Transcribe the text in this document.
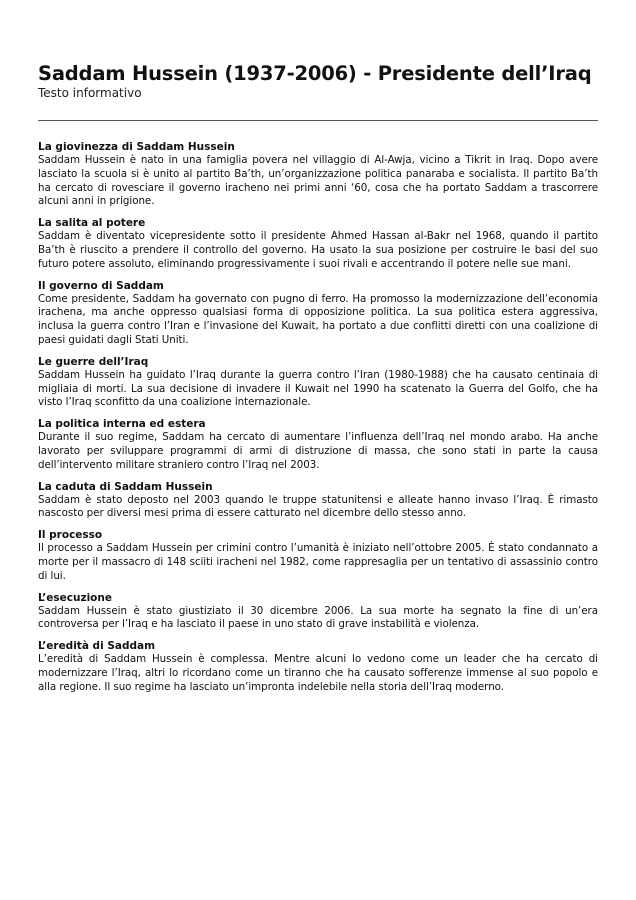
Saddam Hussein (1937-2006) - Presidente dell’Iraq

Testo informativo

La giovinezza di Saddam Hussein

Saddam Hussein è nato in una famiglia povera nel villaggio di Al-Awja, vicino a Tikrit in Iraq. Dopo avere lasciato la scuola si è unito al partito Ba’th, un’organizzazione politica panaraba e socialista. Il partito Ba’th ha cercato di rovesciare il governo iracheno nei primi anni ‘60, cosa che ha portato Saddam a trascorrere alcuni anni in prigione.

La salita al potere

Saddam è diventato vicepresidente sotto il presidente Ahmed Hassan al-Bakr nel 1968, quando il partito Ba’th è riuscito a prendere il controllo del governo. Ha usato la sua posizione per costruire le basi del suo futuro potere assoluto, eliminando progressivamente i suoi rivali e accentrando il potere nelle sue mani.

Il governo di Saddam

Come presidente, Saddam ha governato con pugno di ferro. Ha promosso la modernizzazione dell’economia irachena, ma anche oppresso qualsiasi forma di opposizione politica. La sua politica estera aggressiva, inclusa la guerra contro l’Iran e l’invasione del Kuwait, ha portato a due conflitti diretti con una coalizione di paesi guidati dagli Stati Uniti.

Le guerre dell’Iraq

Saddam Hussein ha guidato l’Iraq durante la guerra contro l’Iran (1980-1988) che ha causato centinaia di migliaia di morti. La sua decisione di invadere il Kuwait nel 1990 ha scatenato la Guerra del Golfo, che ha visto l’Iraq sconfitto da una coalizione internazionale.

La politica interna ed estera

Durante il suo regime, Saddam ha cercato di aumentare l’influenza dell’Iraq nel mondo arabo. Ha anche lavorato per sviluppare programmi di armi di distruzione di massa, che sono stati in parte la causa dell’intervento militare straniero contro l’Iraq nel 2003.

La caduta di Saddam Hussein

Saddam è stato deposto nel 2003 quando le truppe statunitensi e alleate hanno invaso l’Iraq. È rimasto nascosto per diversi mesi prima di essere catturato nel dicembre dello stesso anno.

Il processo

Il processo a Saddam Hussein per crimini contro l’umanità è iniziato nell’ottobre 2005. È stato condannato a morte per il massacro di 148 sciiti iracheni nel 1982, come rappresaglia per un tentativo di assassinio contro di lui.

L’esecuzione

Saddam Hussein è stato giustiziato il 30 dicembre 2006. La sua morte ha segnato la fine di un’era controversa per l’Iraq e ha lasciato il paese in uno stato di grave instabilità e violenza.

L’eredità di Saddam

L’eredità di Saddam Hussein è complessa. Mentre alcuni lo vedono come un leader che ha cercato di modernizzare l’Iraq, altri lo ricordano come un tiranno che ha causato sofferenze immense al suo popolo e alla regione. Il suo regime ha lasciato un’impronta indelebile nella storia dell’Iraq moderno.
